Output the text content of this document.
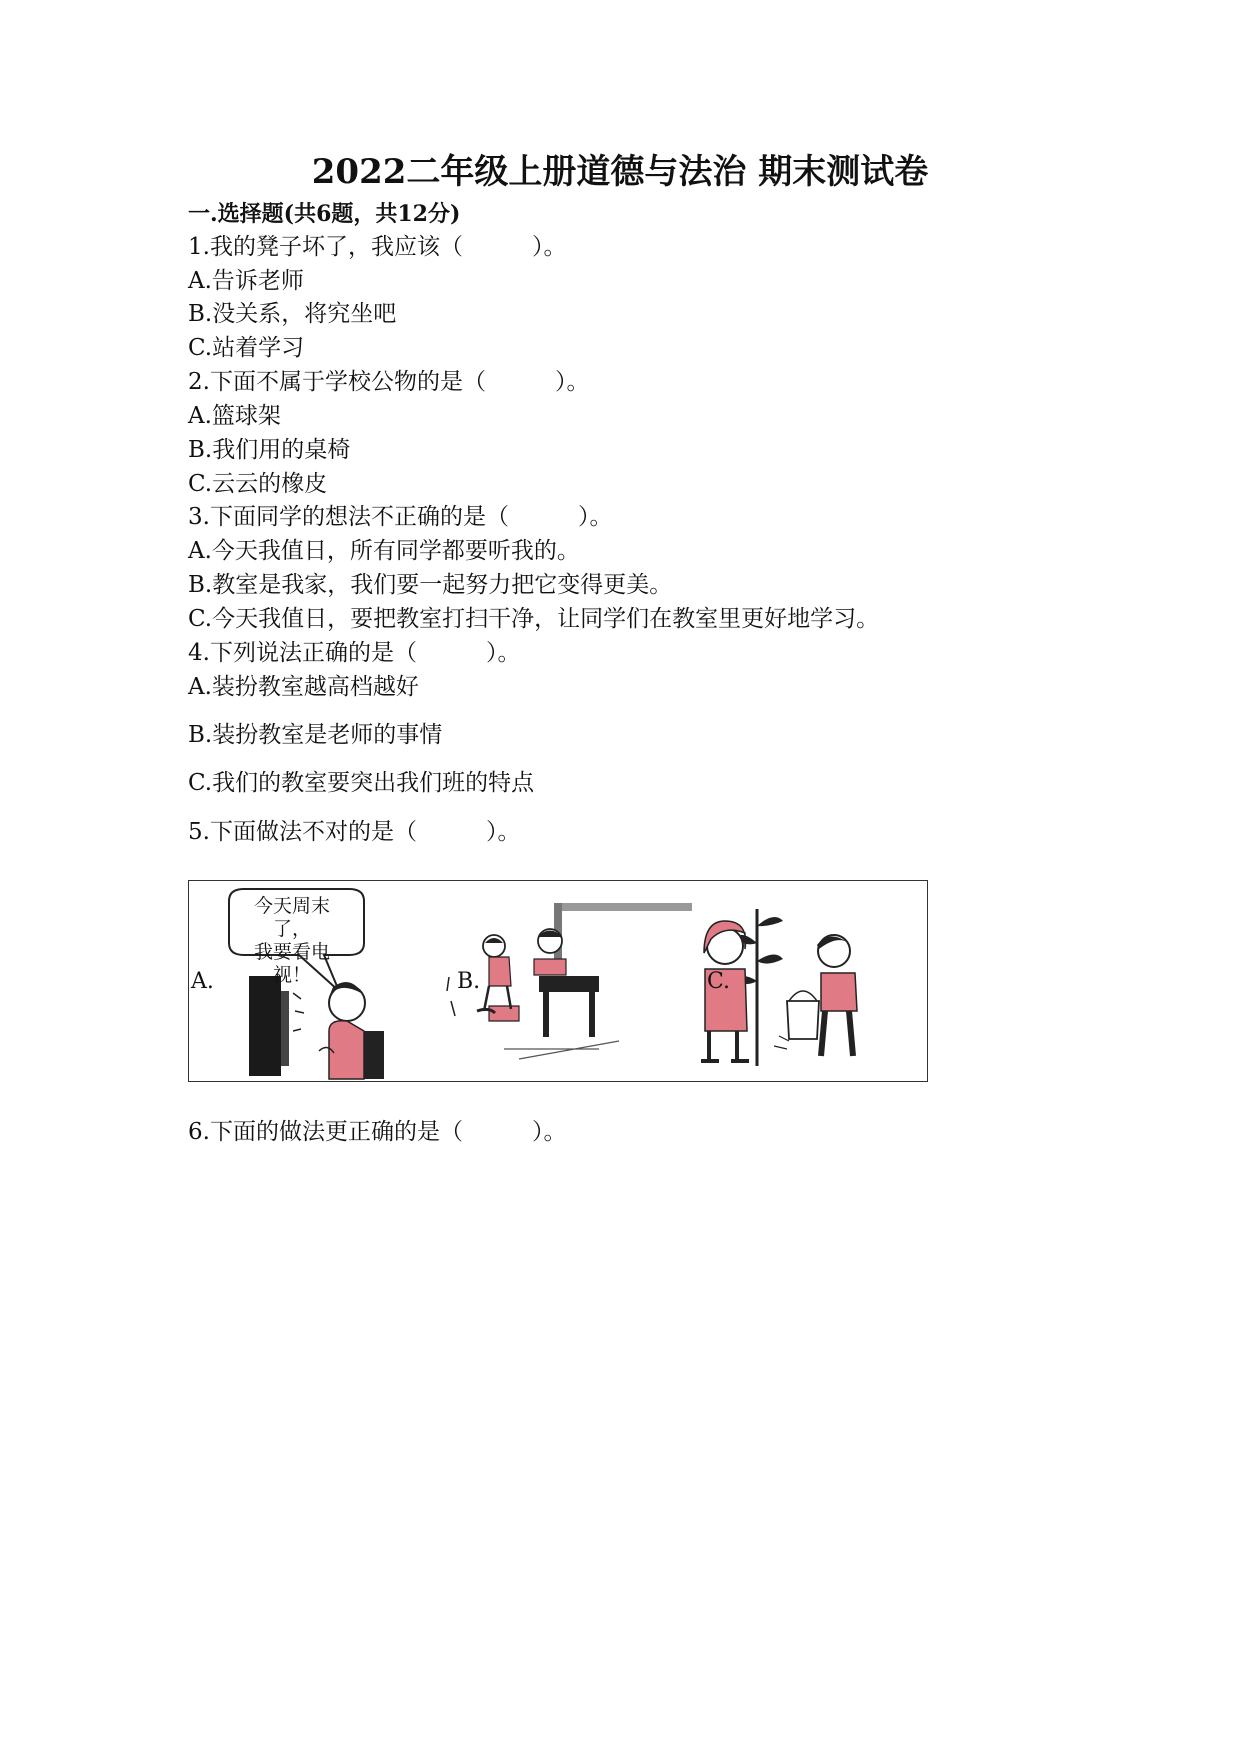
2022二年级上册道德与法治 期末测试卷
一.选择题(共6题，共12分)
1.我的凳子坏了，我应该（　　　）。
A.告诉老师
B.没关系，将究坐吧
C.站着学习
2.下面不属于学校公物的是（　　　）。
A.篮球架
B.我们用的桌椅
C.云云的橡皮
3.下面同学的想法不正确的是（　　　）。
A.今天我值日，所有同学都要听我的。
B.教室是我家，我们要一起努力把它变得更美。
C.今天我值日，要把教室打扫干净，让同学们在教室里更好地学习。
4.下列说法正确的是（　　　）。
A.装扮教室越高档越好
B.装扮教室是老师的事情
C.我们的教室要突出我们班的特点
5.下面做法不对的是（　　　）。
今天周末了，
我要看电视！
A.	B.	C.
6.下面的做法更正确的是（　　　）。
